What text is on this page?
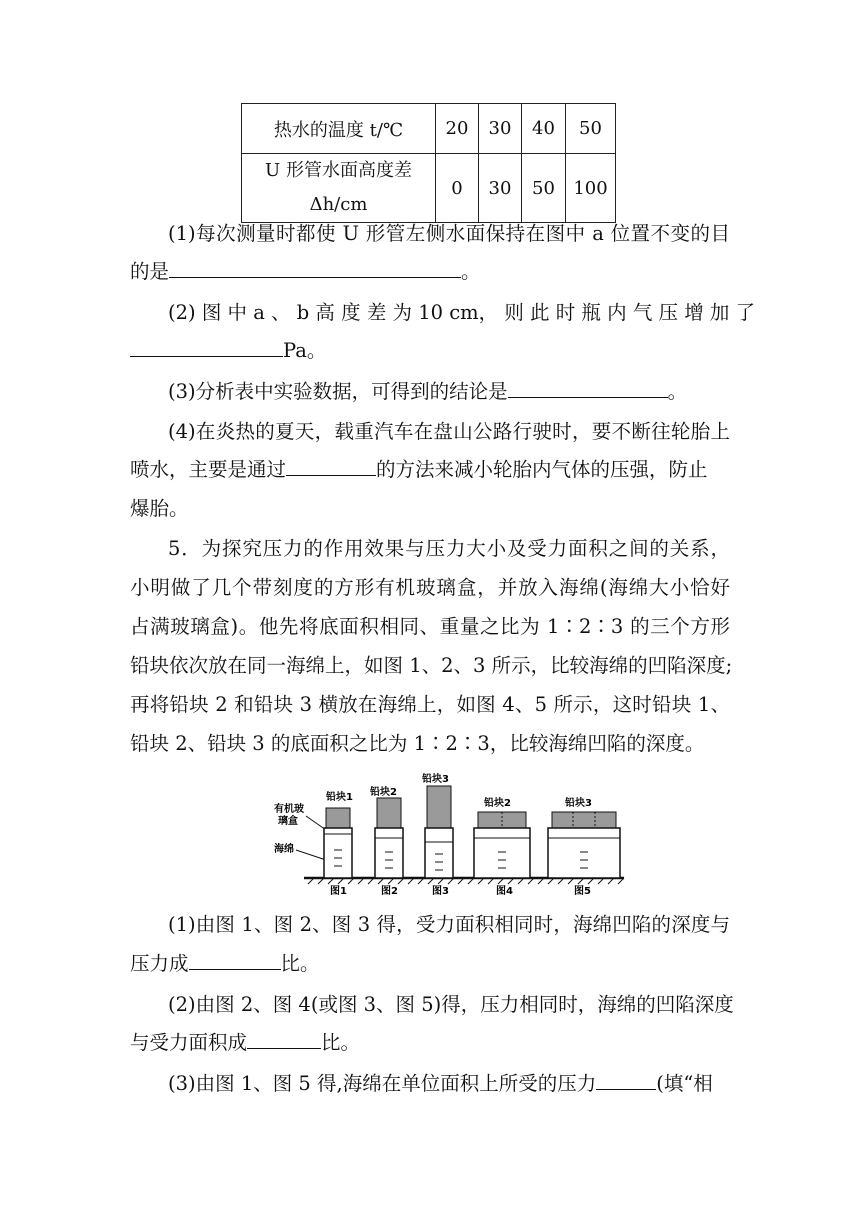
热水的温度 t/℃	20	30	40	50

U 形管水面高度差
Δh/cm	0	30	50	100
(1)每次测量时都使 U 形管左侧水面保持在图中 a 位置不变的目
的是	。
(2) 图 中 a 、 b 高 度 差 为 10 cm， 则 此 时 瓶 内 气 压 增 加 了
Pa。
(3)分析表中实验数据，可得到的结论是	。
(4)在炎热的夏天，载重汽车在盘山公路行驶时，要不断往轮胎上
喷水，主要是通过	的方法来减小轮胎内气体的压强，防止
爆胎。
5．为探究压力的作用效果与压力大小及受力面积之间的关系，
小明做了几个带刻度的方形有机玻璃盒，并放入海绵(海绵大小恰好
占满玻璃盒)。他先将底面积相同、重量之比为 1∶2∶3 的三个方形
铅块依次放在同一海绵上，如图 1、2、3 所示，比较海绵的凹陷深度;
再将铅块 2 和铅块 3 横放在海绵上，如图 4、5 所示，这时铅块 1、
铅块 2、铅块 3 的底面积之比为 1∶2∶3，比较海绵凹陷的深度。
有机玻
璃盒
海绵
铅块1
图1
铅块2
图2
铅块3
图3
铅块2
图4
铅块3
图5
(1)由图 1、图 2、图 3 得，受力面积相同时，海绵凹陷的深度与
压力成	比。
(2)由图 2、图 4(或图 3、图 5)得，压力相同时，海绵的凹陷深度
与受力面积成	比。
(3)由图 1、图 5 得,海绵在单位面积上所受的压力	(填“相
